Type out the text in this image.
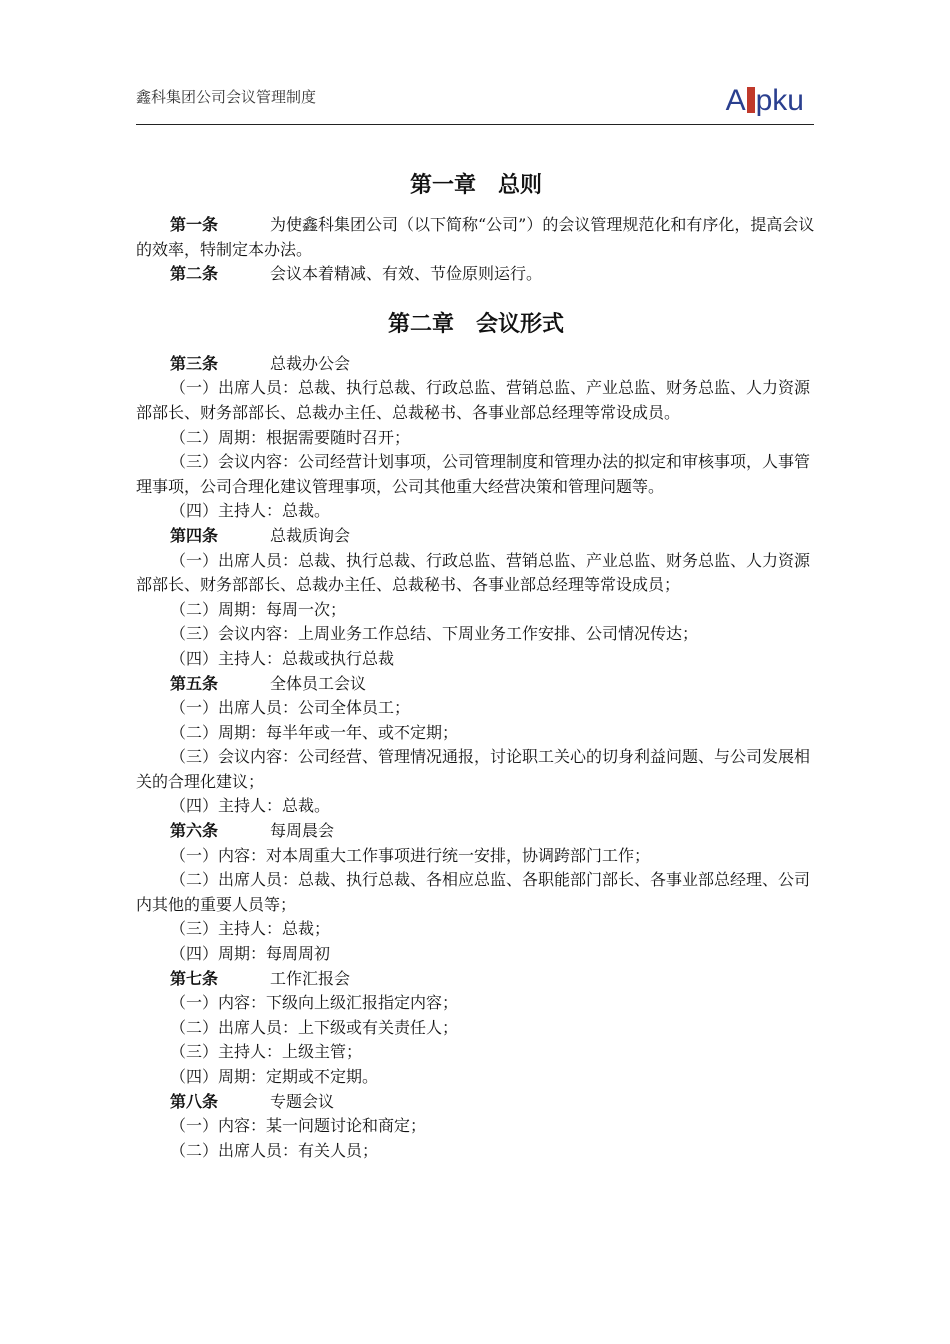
鑫科集团公司会议管理制度	A pku
第一章　总则

第一条	为使鑫科集团公司（以下简称“公司”）的会议管理规范化和有序化，提高会议的效率，特制定本办法。

第二条	会议本着精减、有效、节俭原则运行。

第二章　会议形式

第三条	总裁办公会

（一）出席人员：总裁、执行总裁、行政总监、营销总监、产业总监、财务总监、人力资源部部长、财务部部长、总裁办主任、总裁秘书、各事业部总经理等常设成员。

（二）周期：根据需要随时召开；

（三）会议内容：公司经营计划事项，公司管理制度和管理办法的拟定和审核事项，人事管理事项，公司合理化建议管理事项，公司其他重大经营决策和管理问题等。

（四）主持人：总裁。

第四条	总裁质询会

（一）出席人员：总裁、执行总裁、行政总监、营销总监、产业总监、财务总监、人力资源部部长、财务部部长、总裁办主任、总裁秘书、各事业部总经理等常设成员；

（二）周期：每周一次；

（三）会议内容：上周业务工作总结、下周业务工作安排、公司情况传达；

（四）主持人：总裁或执行总裁

第五条	全体员工会议

（一）出席人员：公司全体员工；

（二）周期：每半年或一年、或不定期；

（三）会议内容：公司经营、管理情况通报，讨论职工关心的切身利益问题、与公司发展相关的合理化建议；

（四）主持人：总裁。

第六条	每周晨会

（一）内容：对本周重大工作事项进行统一安排，协调跨部门工作；

（二）出席人员：总裁、执行总裁、各相应总监、各职能部门部长、各事业部总经理、公司内其他的重要人员等；

（三）主持人：总裁；

（四）周期：每周周初

第七条	工作汇报会

（一）内容：下级向上级汇报指定内容；

（二）出席人员：上下级或有关责任人；

（三）主持人：上级主管；

（四）周期：定期或不定期。

第八条	专题会议

（一）内容：某一问题讨论和商定；

（二）出席人员：有关人员；
